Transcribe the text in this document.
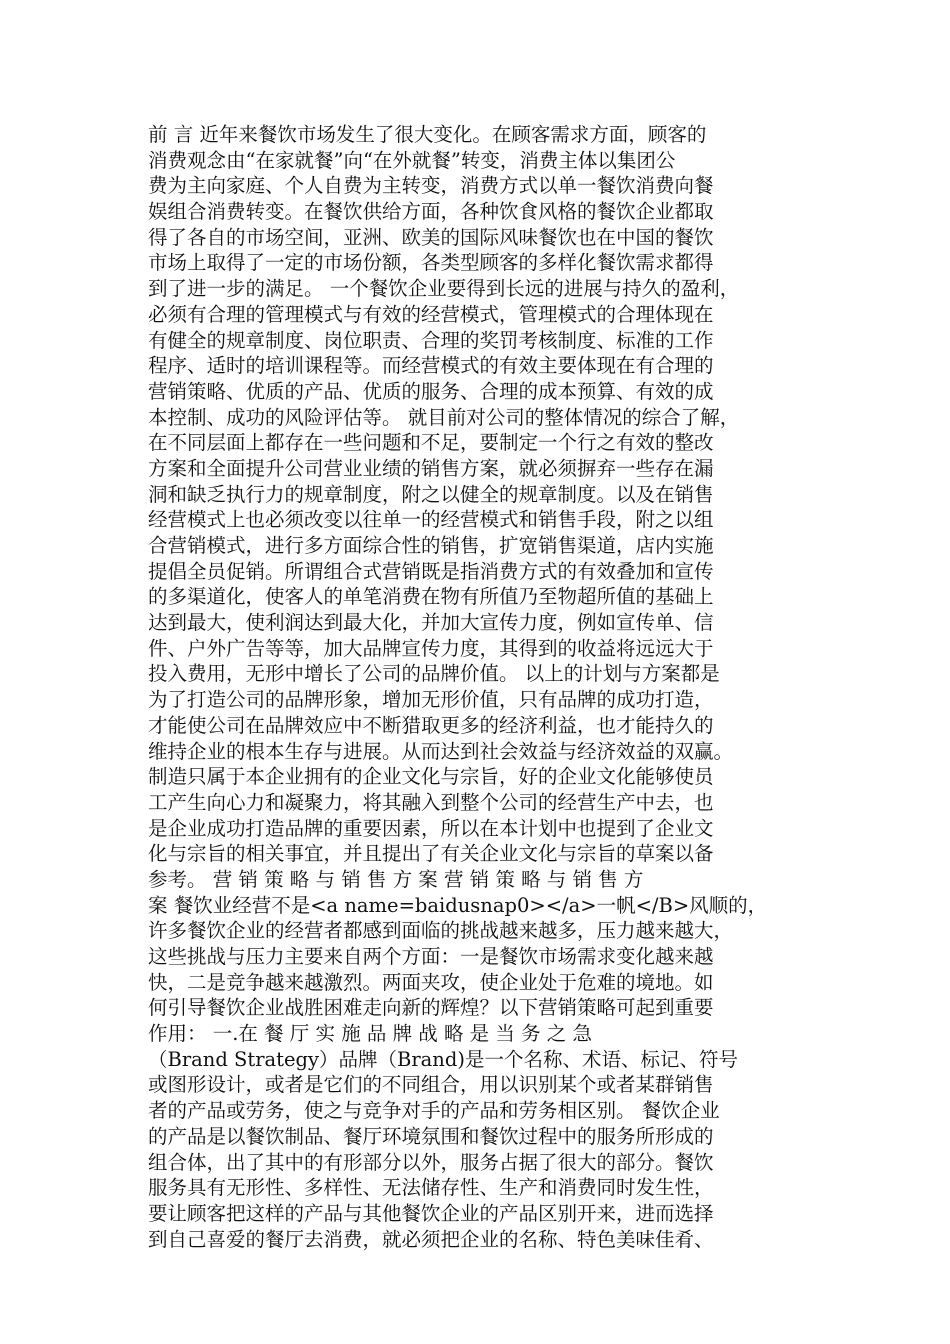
前 言 近年来餐饮市场发生了很大变化。在顾客需求方面，顾客的
消费观念由“在家就餐”向“在外就餐”转变，消费主体以集团公
费为主向家庭、个人自费为主转变，消费方式以单一餐饮消费向餐
娱组合消费转变。在餐饮供给方面，各种饮食风格的餐饮企业都取
得了各自的市场空间，亚洲、欧美的国际风味餐饮也在中国的餐饮
市场上取得了一定的市场份额，各类型顾客的多样化餐饮需求都得
到了进一步的满足。 一个餐饮企业要得到长远的进展与持久的盈利，
必须有合理的管理模式与有效的经营模式，管理模式的合理体现在
有健全的规章制度、岗位职责、合理的奖罚考核制度、标准的工作
程序、适时的培训课程等。而经营模式的有效主要体现在有合理的
营销策略、优质的产品、优质的服务、合理的成本预算、有效的成
本控制、成功的风险评估等。 就目前对公司的整体情况的综合了解，
在不同层面上都存在一些问题和不足，要制定一个行之有效的整改
方案和全面提升公司营业业绩的销售方案，就必须摒弃一些存在漏
洞和缺乏执行力的规章制度，附之以健全的规章制度。以及在销售
经营模式上也必须改变以往单一的经营模式和销售手段，附之以组
合营销模式，进行多方面综合性的销售，扩宽销售渠道，店内实施
提倡全员促销。所谓组合式营销既是指消费方式的有效叠加和宣传
的多渠道化，使客人的单笔消费在物有所值乃至物超所值的基础上
达到最大，使利润达到最大化，并加大宣传力度，例如宣传单、信
件、户外广告等等，加大品牌宣传力度，其得到的收益将远远大于
投入费用，无形中增长了公司的品牌价值。 以上的计划与方案都是
为了打造公司的品牌形象，增加无形价值，只有品牌的成功打造，
才能使公司在品牌效应中不断猎取更多的经济利益，也才能持久的
维持企业的根本生存与进展。从而达到社会效益与经济效益的双赢。
制造只属于本企业拥有的企业文化与宗旨，好的企业文化能够使员
工产生向心力和凝聚力，将其融入到整个公司的经营生产中去，也
是企业成功打造品牌的重要因素，所以在本计划中也提到了企业文
化与宗旨的相关事宜，并且提出了有关企业文化与宗旨的草案以备
参考。 营 销 策 略 与 销 售 方 案 营 销 策 略 与 销 售 方
案 餐饮业经营不是<a name=baidusnap0></a>一帆</B>风顺的，
许多餐饮企业的经营者都感到面临的挑战越来越多，压力越来越大，
这些挑战与压力主要来自两个方面：一是餐饮市场需求变化越来越
快，二是竞争越来越激烈。两面夹攻，使企业处于危难的境地。如
何引导餐饮企业战胜困难走向新的辉煌？以下营销策略可起到重要
作用： 一.在 餐 厅 实 施 品 牌 战 略 是 当 务 之 急
（Brand Strategy）品牌（Brand)是一个名称、术语、标记、符号
或图形设计，或者是它们的不同组合，用以识别某个或者某群销售
者的产品或劳务，使之与竞争对手的产品和劳务相区别。 餐饮企业
的产品是以餐饮制品、餐厅环境氛围和餐饮过程中的服务所形成的
组合体，出了其中的有形部分以外，服务占据了很大的部分。餐饮
服务具有无形性、多样性、无法储存性、生产和消费同时发生性，
要让顾客把这样的产品与其他餐饮企业的产品区别开来，进而选择
到自己喜爱的餐厅去消费，就必须把企业的名称、特色美味佳肴、
